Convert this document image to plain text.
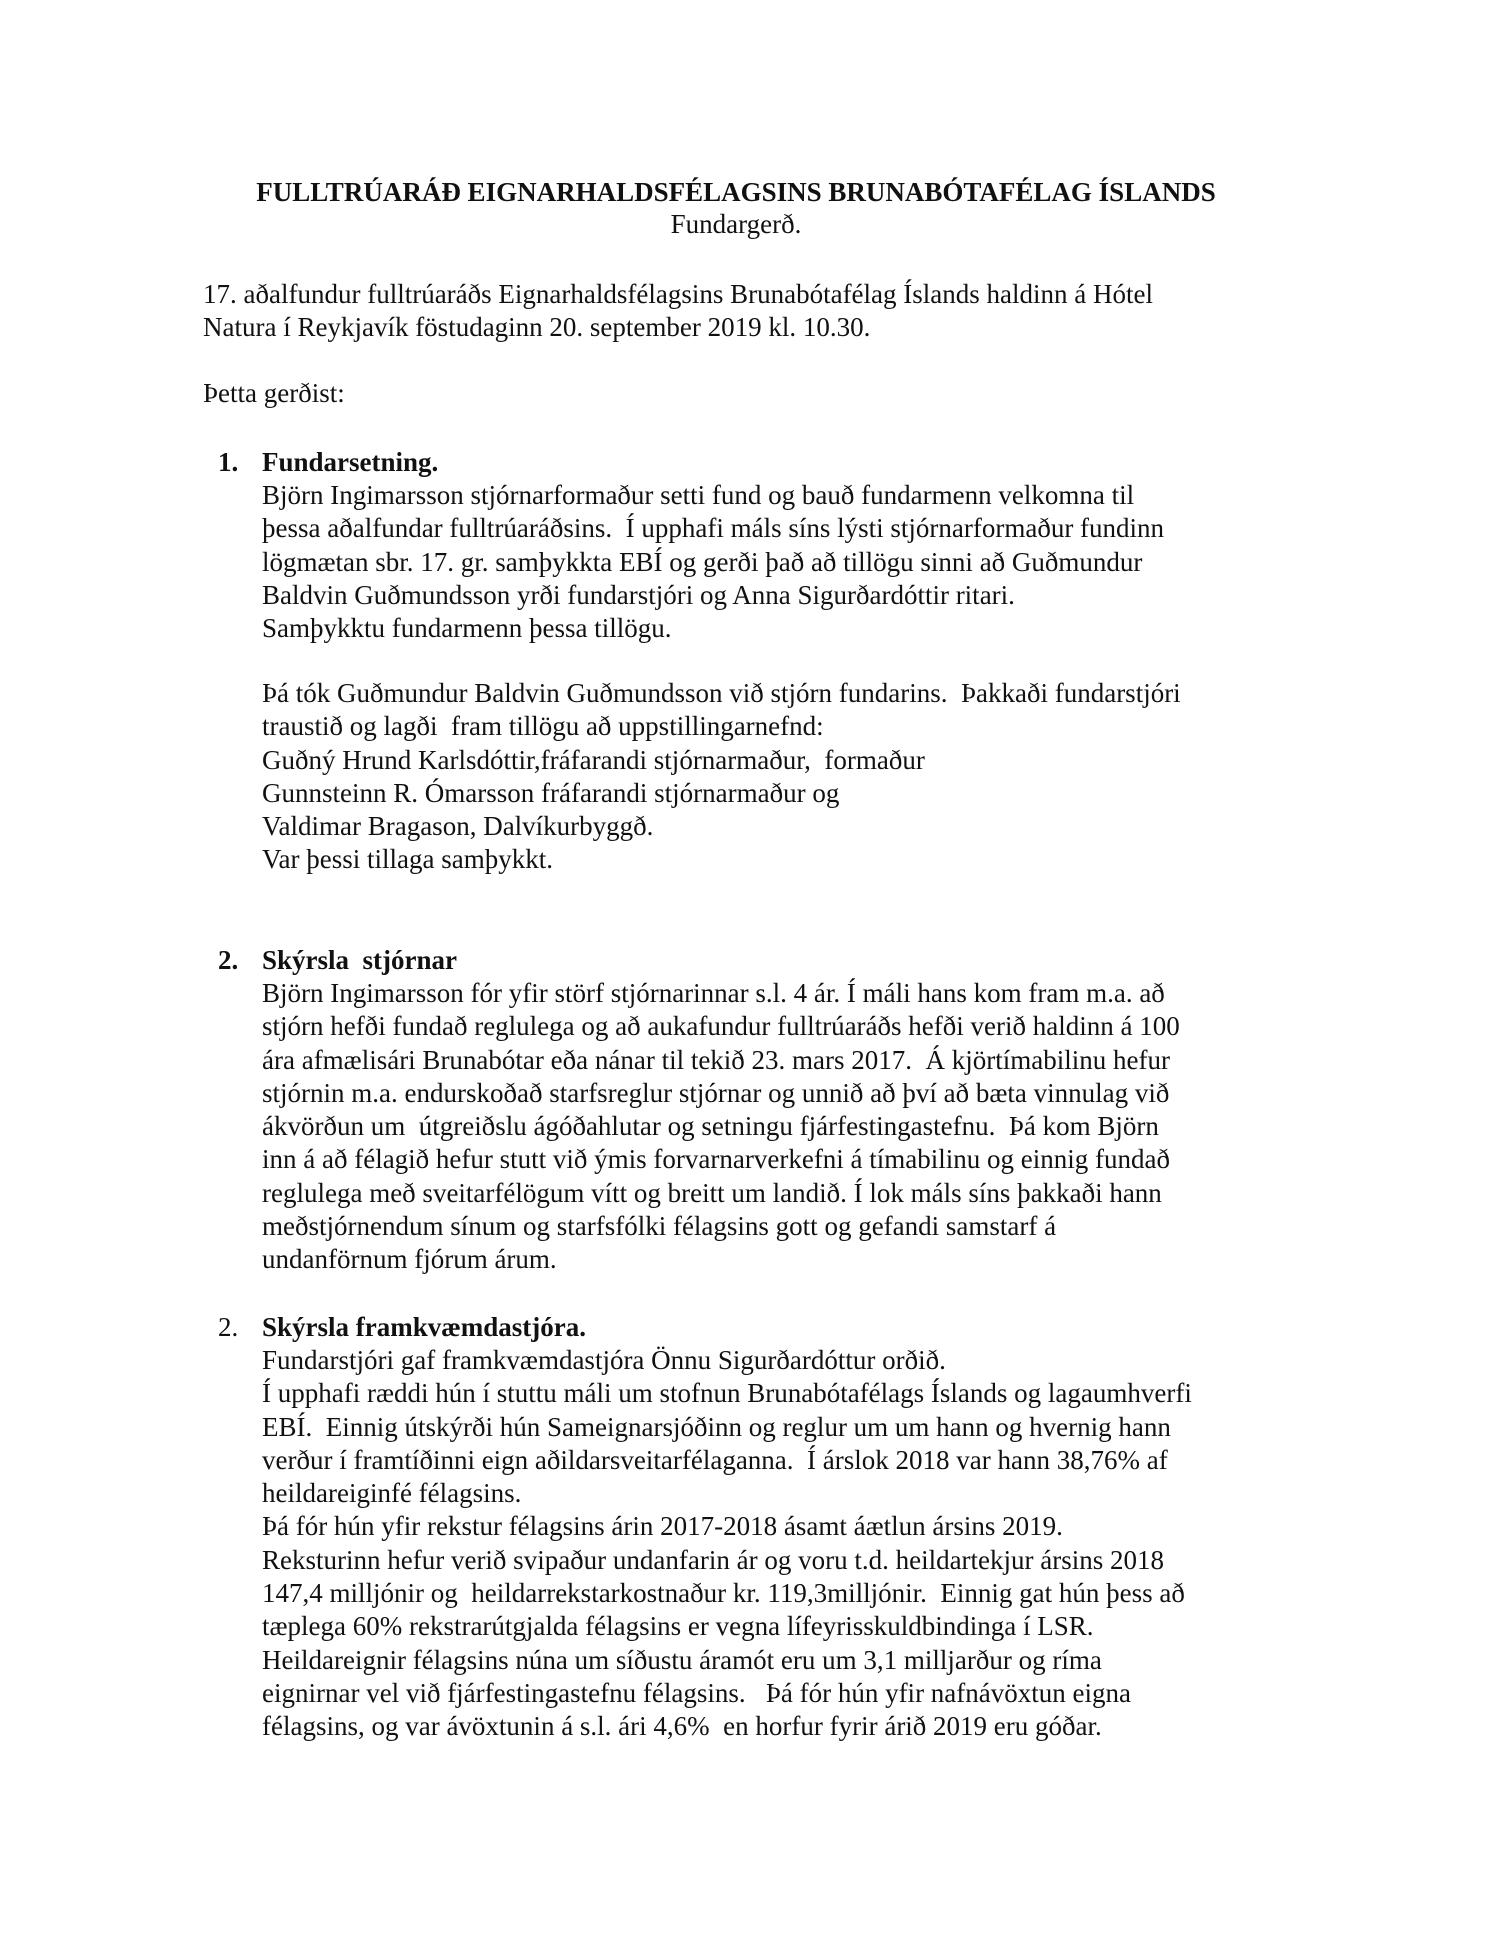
FULLTRÚARÁÐ EIGNARHALDSFÉLAGSINS BRUNABÓTAFÉLAG ÍSLANDS
Fundargerð.
17. aðalfundur fulltrúaráðs Eignarhaldsfélagsins Brunabótafélag Íslands haldinn á Hótel
Natura í Reykjavík föstudaginn 20. september 2019 kl. 10.30.
Þetta gerðist:
1. Fundarsetning.
Björn Ingimarsson stjórnarformaður setti fund og bauð fundarmenn velkomna til
þessa aðalfundar fulltrúaráðsins.  Í upphafi máls síns lýsti stjórnarformaður fundinn
lögmætan sbr. 17. gr. samþykkta EBÍ og gerði það að tillögu sinni að Guðmundur
Baldvin Guðmundsson yrði fundarstjóri og Anna Sigurðardóttir ritari.
Samþykktu fundarmenn þessa tillögu.
Þá tók Guðmundur Baldvin Guðmundsson við stjórn fundarins.  Þakkaði fundarstjóri
traustið og lagði  fram tillögu að uppstillingarnefnd:
Guðný Hrund Karlsdóttir,fráfarandi stjórnarmaður,  formaður
Gunnsteinn R. Ómarsson fráfarandi stjórnarmaður og
Valdimar Bragason, Dalvíkurbyggð.
Var þessi tillaga samþykkt.
2. Skýrsla  stjórnar
Björn Ingimarsson fór yfir störf stjórnarinnar s.l. 4 ár. Í máli hans kom fram m.a. að
stjórn hefði fundað reglulega og að aukafundur fulltrúaráðs hefði verið haldinn á 100
ára afmælisári Brunabótar eða nánar til tekið 23. mars 2017.  Á kjörtímabilinu hefur
stjórnin m.a. endurskoðað starfsreglur stjórnar og unnið að því að bæta vinnulag við
ákvörðun um  útgreiðslu ágóðahlutar og setningu fjárfestingastefnu.  Þá kom Björn
inn á að félagið hefur stutt við ýmis forvarnarverkefni á tímabilinu og einnig fundað
reglulega með sveitarfélögum vítt og breitt um landið. Í lok máls síns þakkaði hann
meðstjórnendum sínum og starfsfólki félagsins gott og gefandi samstarf á
undanförnum fjórum árum.
2. Skýrsla framkvæmdastjóra.
Fundarstjóri gaf framkvæmdastjóra Önnu Sigurðardóttur orðið.
Í upphafi ræddi hún í stuttu máli um stofnun Brunabótafélags Íslands og lagaumhverfi
EBÍ.  Einnig útskýrði hún Sameignarsjóðinn og reglur um um hann og hvernig hann
verður í framtíðinni eign aðildarsveitarfélaganna.  Í árslok 2018 var hann 38,76% af
heildareiginfé félagsins.
Þá fór hún yfir rekstur félagsins árin 2017-2018 ásamt áætlun ársins 2019.
Reksturinn hefur verið svipaður undanfarin ár og voru t.d. heildartekjur ársins 2018
147,4 milljónir og  heildarrekstarkostnaður kr. 119,3milljónir.  Einnig gat hún þess að
tæplega 60% rekstrarútgjalda félagsins er vegna lífeyrisskuldbindinga í LSR.
Heildareignir félagsins núna um síðustu áramót eru um 3,1 milljarður og ríma
eignirnar vel við fjárfestingastefnu félagsins.   Þá fór hún yfir nafnávöxtun eigna
félagsins, og var ávöxtunin á s.l. ári 4,6%  en horfur fyrir árið 2019 eru góðar.
